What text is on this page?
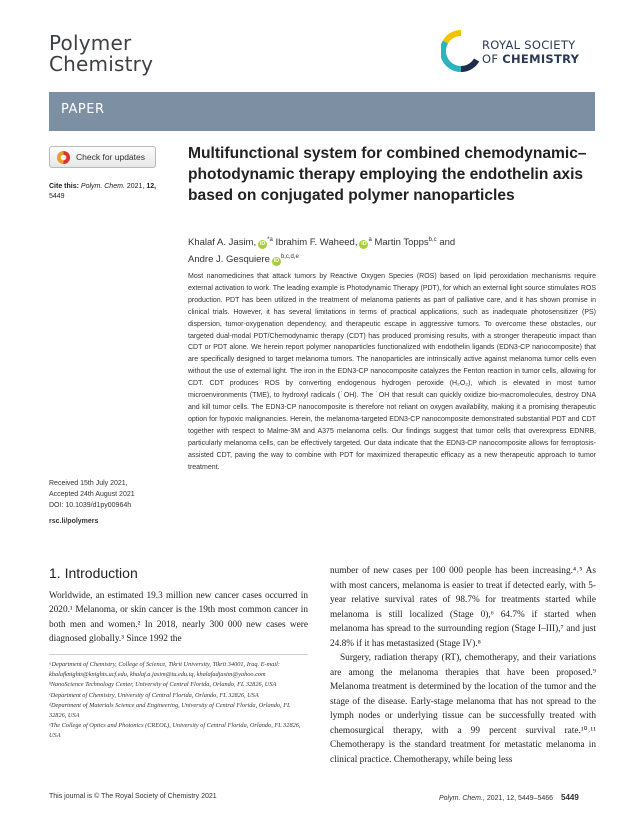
Polymer
Chemistry
ROYAL SOCIETY
OF CHEMISTRY
PAPER
Check for updates
Cite this: Polym. Chem. 2021, 12, 5449
Multifunctional system for combined chemodynamic–photodynamic therapy employing the endothelin axis based on conjugated polymer nanoparticles
Khalaf A. Jasim, $iD^{*a}$ Ibrahim F. Waheed, $iD^a$ Martin Topps$^{b,c}$ and
Andre J. Gesquiere iD$^{b,c,d,e}$
Most nanomedicines that attack tumors by Reactive Oxygen Species (ROS) based on lipid peroxidation mechanisms require external activation to work. The leading example is Photodynamic Therapy (PDT), for which an external light source stimulates ROS production. PDT has been utilized in the treatment of melanoma patients as part of palliative care, and it has shown promise in clinical trials. However, it has several limitations in terms of practical applications, such as inadequate photosensitizer (PS) dispersion, tumor-oxygenation dependency, and therapeutic escape in aggressive tumors. To overcome these obstacles, our targeted dual-modal PDT/Chemodynamic therapy (CDT) has produced promising results, with a stronger therapeutic impact than CDT or PDT alone. We herein report polymer nanoparticles functionalized with endothelin ligands (EDN3-CP nanocomposite) that are specifically designed to target melanoma tumors. The nanoparticles are intrinsically active against melanoma tumor cells even without the use of external light. The iron in the EDN3-CP nanocomposite catalyzes the Fenton reaction in tumor cells, allowing for CDT. CDT produces ROS by converting endogenous hydrogen peroxide (H₂O₂), which is elevated in most tumor microenvironments (TME), to hydroxyl radicals (˙OH). The ˙OH that result can quickly oxidize bio-macromolecules, destroy DNA and kill tumor cells. The EDN3-CP nanocomposite is therefore not reliant on oxygen availability, making it a promising therapeutic option for hypoxic malignancies. Herein, the melanoma-targeted EDN3-CP nanocomposite demonstrated substantial PDT and CDT together with respect to Malme-3M and A375 melanoma cells. Our findings suggest that tumor cells that overexpress EDNRB, particularly melanoma cells, can be effectively targeted. Our data indicate that the EDN3-CP nanocomposite allows for ferroptosis-assisted CDT, paving the way to combine with PDT for maximized therapeutic efficacy as a new therapeutic approach to tumor treatment.
Received 15th July 2021,
Accepted 24th August 2021
DOI: 10.1039/d1py00964h
rsc.li/polymers
1. Introduction

Worldwide, an estimated 19.3 million new cancer cases occurred in 2020.¹ Melanoma, or skin cancer is the 19th most common cancer in both men and women.² In 2018, nearly 300 000 new cases were diagnosed globally.³ Since 1992 the

number of new cases per 100 000 people has been increasing.⁴˒⁵ As with most cancers, melanoma is easier to treat if detected early, with 5-year relative survival rates of 98.7% for treatments started while melanoma is still localized (Stage 0),⁶ 64.7% if started when melanoma has spread to the surrounding region (Stage I–III),⁷ and just 24.8% if it has metastasized (Stage IV).⁸

Surgery, radiation therapy (RT), chemotherapy, and their variations are among the melanoma therapies that have been proposed.⁹ Melanoma treatment is determined by the location of the tumor and the stage of the disease. Early-stage melanoma that has not spread to the lymph nodes or underlying tissue can be successfully treated with chemosurgical therapy, with a 99 percent survival rate.¹⁰˒¹¹ Chemotherapy is the standard treatment for metastatic melanoma in clinical practice. Chemotherapy, while being less

ᵃDepartment of Chemistry, College of Science, Tikrit University, Tikrit 34001, Iraq. E-mail: khalafknights@knights.ucf.edu, khalaf.a.jasim@tu.edu.iq, khalafadjasim@yahoo.com

ᵇNanoScience Technology Center, University of Central Florida, Orlando, FL 32826, USA

ᶜDepartment of Chemistry, University of Central Florida, Orlando, FL 32826, USA

ᵈDepartment of Materials Science and Engineering, University of Central Florida, Orlando, FL 32826, USA

ᵉThe College of Optics and Photonics (CREOL), University of Central Florida, Orlando, FL 32826, USA

This journal is © The Royal Society of Chemistry 2021	Polym. Chem., 2021, 12, 5449–5466 5449
